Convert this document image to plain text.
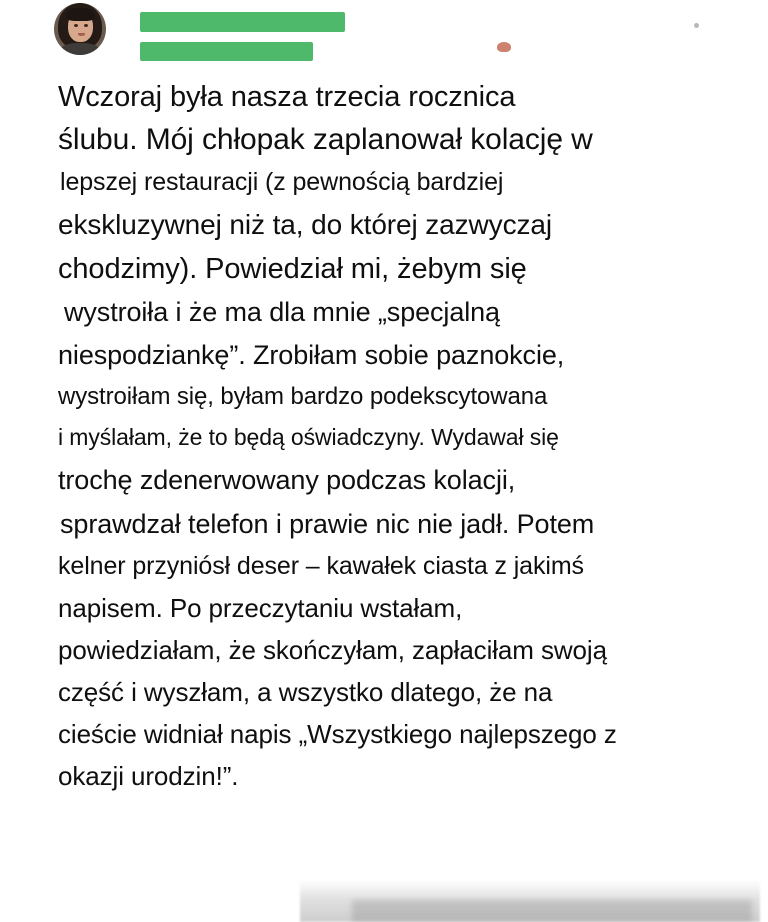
Wczoraj była nasza trzecia rocznica
ślubu. Mój chłopak zaplanował kolację w
lepszej restauracji (z pewnością bardziej
ekskluzywnej niż ta, do której zazwyczaj
chodzimy). Powiedział mi, żebym się
wystroiła i że ma dla mnie „specjalną
niespodziankę”. Zrobiłam sobie paznokcie,
wystroiłam się, byłam bardzo podekscytowana
i myślałam, że to będą oświadczyny. Wydawał się
trochę zdenerwowany podczas kolacji,
sprawdzał telefon i prawie nic nie jadł. Potem
kelner przyniósł deser – kawałek ciasta z jakimś
napisem. Po przeczytaniu wstałam,
powiedziałam, że skończyłam, zapłaciłam swoją
część i wyszłam, a wszystko dlatego, że na
cieście widniał napis „Wszystkiego najlepszego z
okazji urodzin!”.
